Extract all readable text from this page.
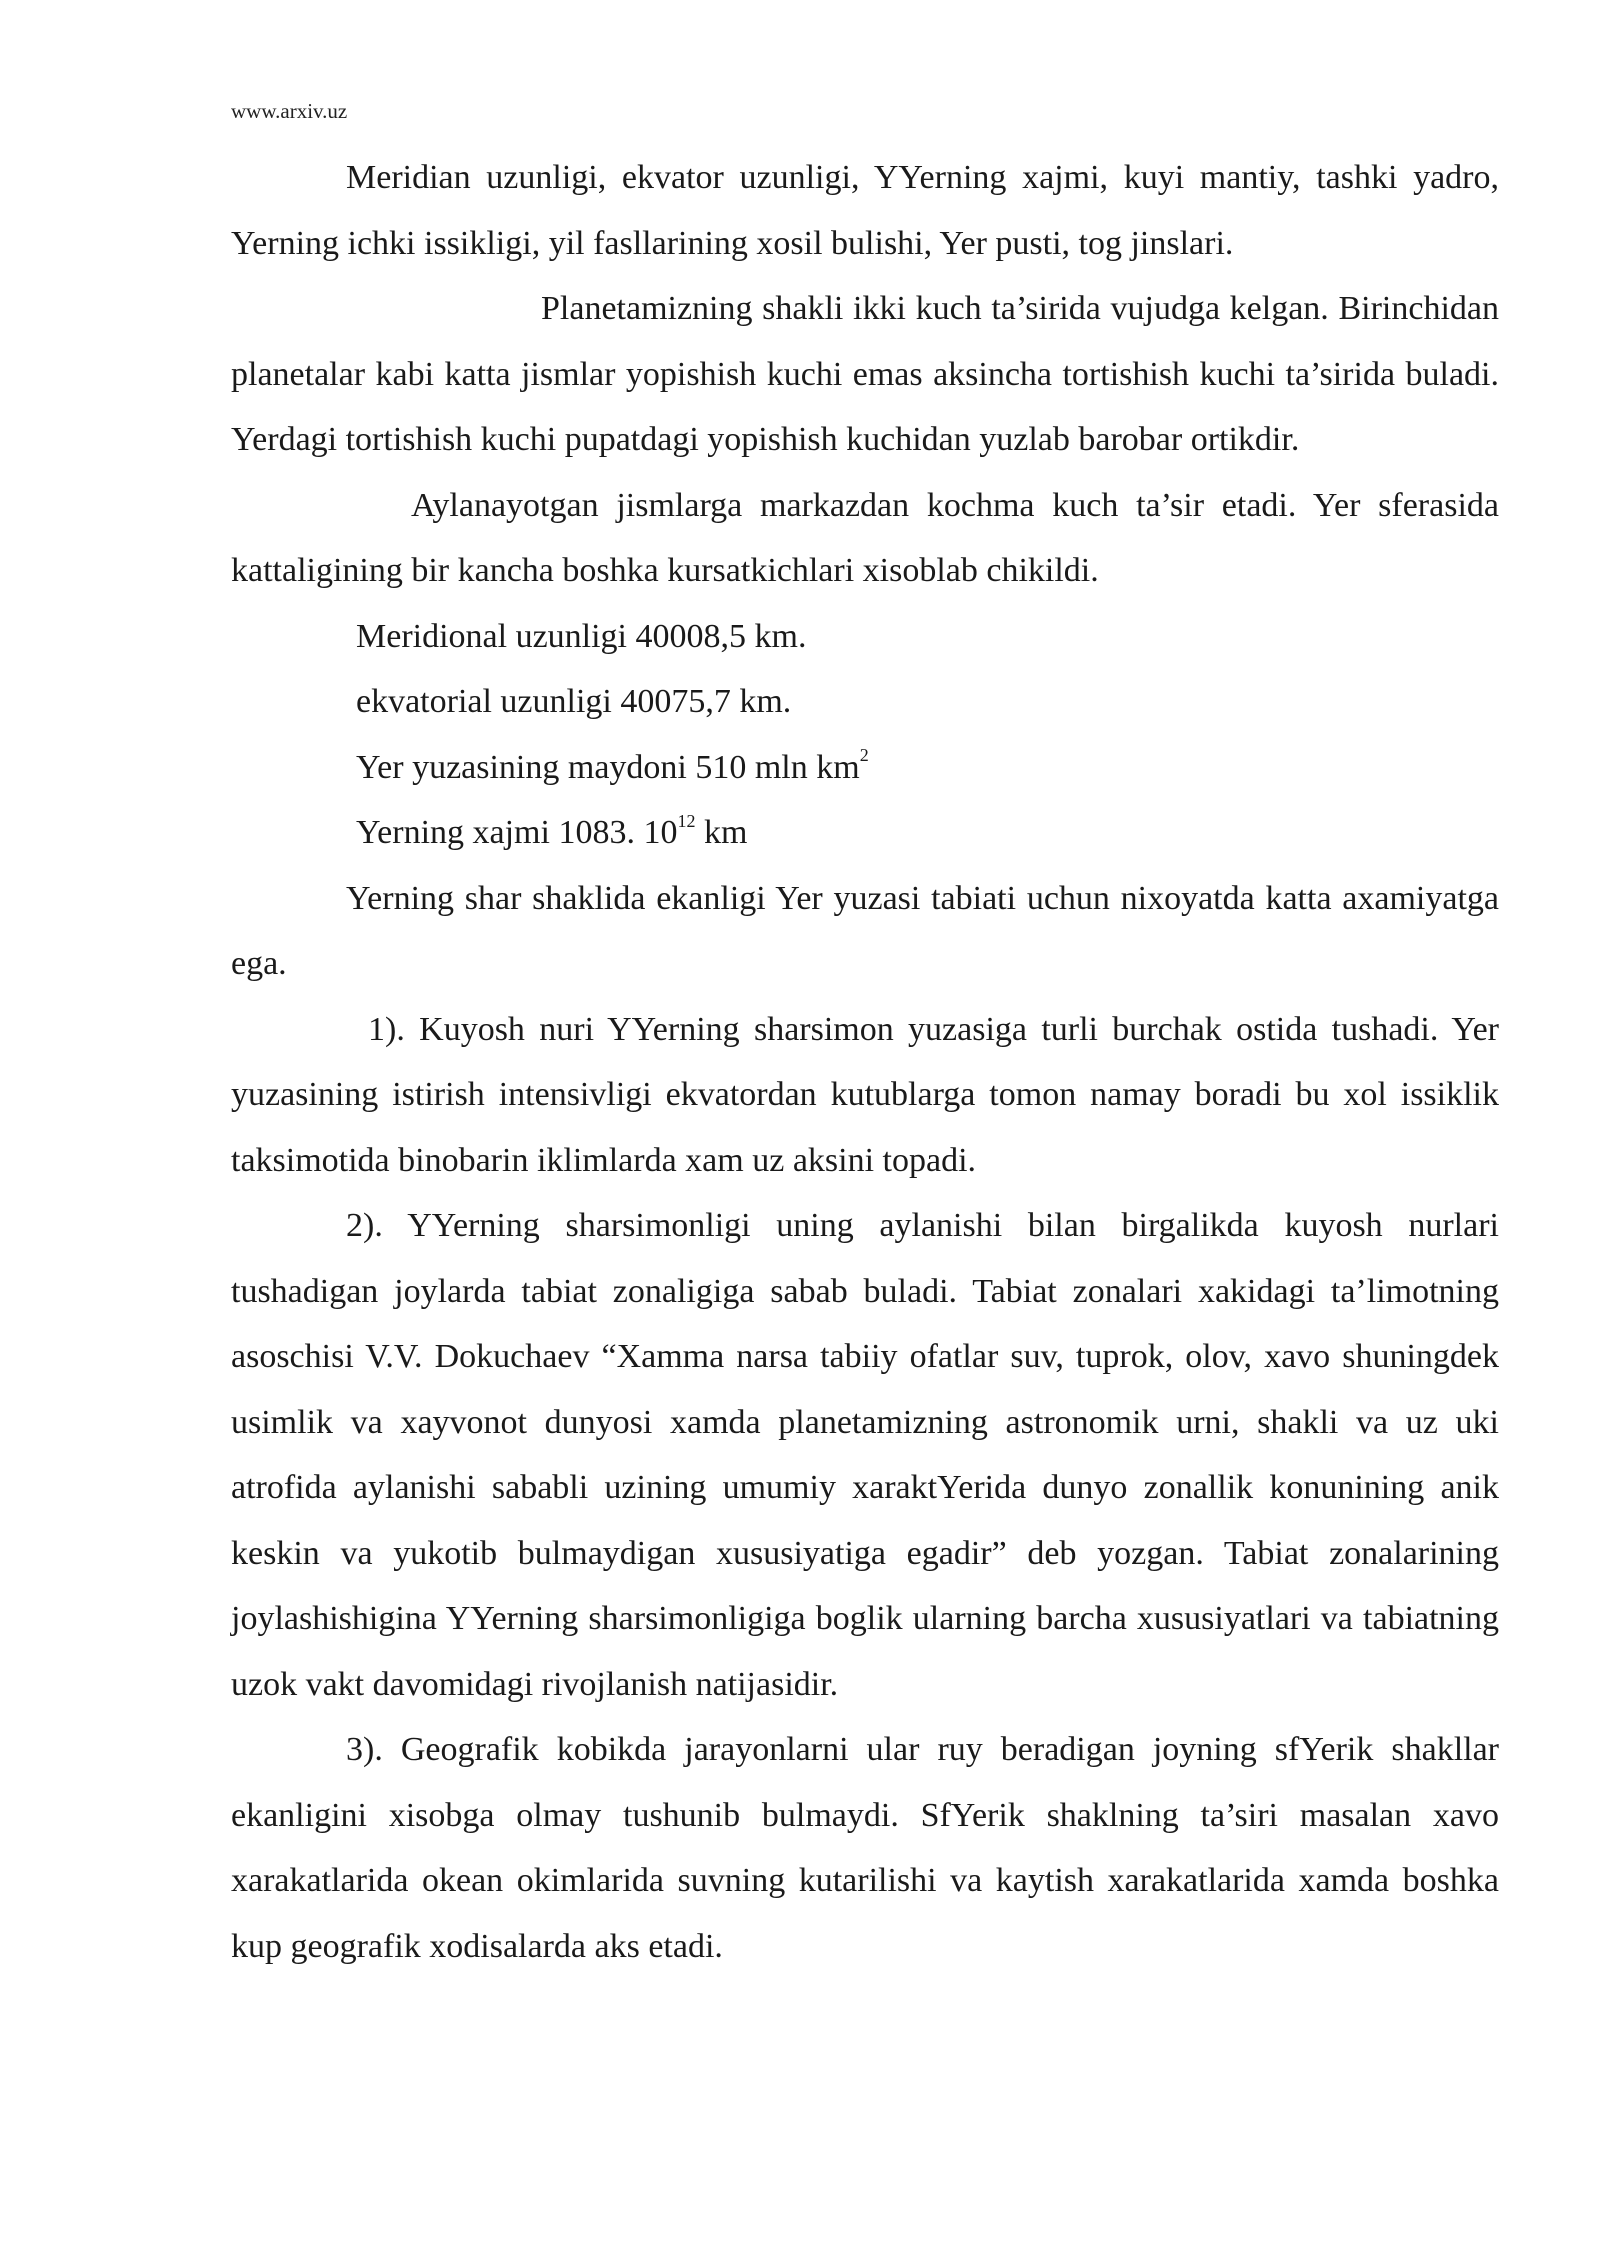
www.arxiv.uz

Meridian uzunligi, ekvator uzunligi, YYerning xajmi, kuyi mantiy, tashki yadro, Yerning ichki issikligi, yil fasllarining xosil bulishi, Yer pusti, tog jinslari.

Planetamizning shakli ikki kuch ta’sirida vujudga kelgan. Birinchidan planetalar kabi katta jismlar yopishish kuchi emas aksincha tortishish kuchi ta’sirida buladi. Yerdagi tortishish kuchi pupatdagi yopishish kuchidan yuzlab barobar ortikdir.

Aylanayotgan jismlarga markazdan kochma kuch ta’sir etadi. Yer sferasida kattaligining bir kancha boshka kursatkichlari xisoblab chikildi.

Meridional uzunligi 40008,5 km.

ekvatorial uzunligi 40075,7 km.

Yer yuzasining maydoni 510 mln $km^2$

Yerning xajmi 1083. $10^{12}$ km

Yerning shar shaklida ekanligi Yer yuzasi tabiati uchun nixoyatda katta axamiyatga ega.

1). Kuyosh nuri YYerning sharsimon yuzasiga turli burchak ostida tushadi. Yer yuzasining istirish intensivligi ekvatordan kutublarga tomon namay boradi bu xol issiklik taksimotida binobarin iklimlarda xam uz aksini topadi.

2). YYerning sharsimonligi uning aylanishi bilan birgalikda kuyosh nurlari tushadigan joylarda tabiat zonaligiga sabab buladi. Tabiat zonalari xakidagi ta’limotning asoschisi V.V. Dokuchaev “Xamma narsa tabiiy ofatlar suv, tuprok, olov, xavo shuningdek usimlik va xayvonot dunyosi xamda planetamizning astronomik urni, shakli va uz uki atrofida aylanishi sababli uzining umumiy xaraktYerida dunyo zonallik konunining anik keskin va yukotib bulmaydigan xususiyatiga egadir” deb yozgan. Tabiat zonalarining joylashishigina YYerning sharsimonligiga boglik ularning barcha xususiyatlari va tabiatning uzok vakt davomidagi rivojlanish natijasidir.

3). Geografik kobikda jarayonlarni ular ruy beradigan joyning sfYerik shakllar ekanligini xisobga olmay tushunib bulmaydi. SfYerik shaklning ta’siri masalan xavo xarakatlarida okean okimlarida suvning kutarilishi va kaytish xarakatlarida xamda boshka kup geografik xodisalarda aks etadi.
